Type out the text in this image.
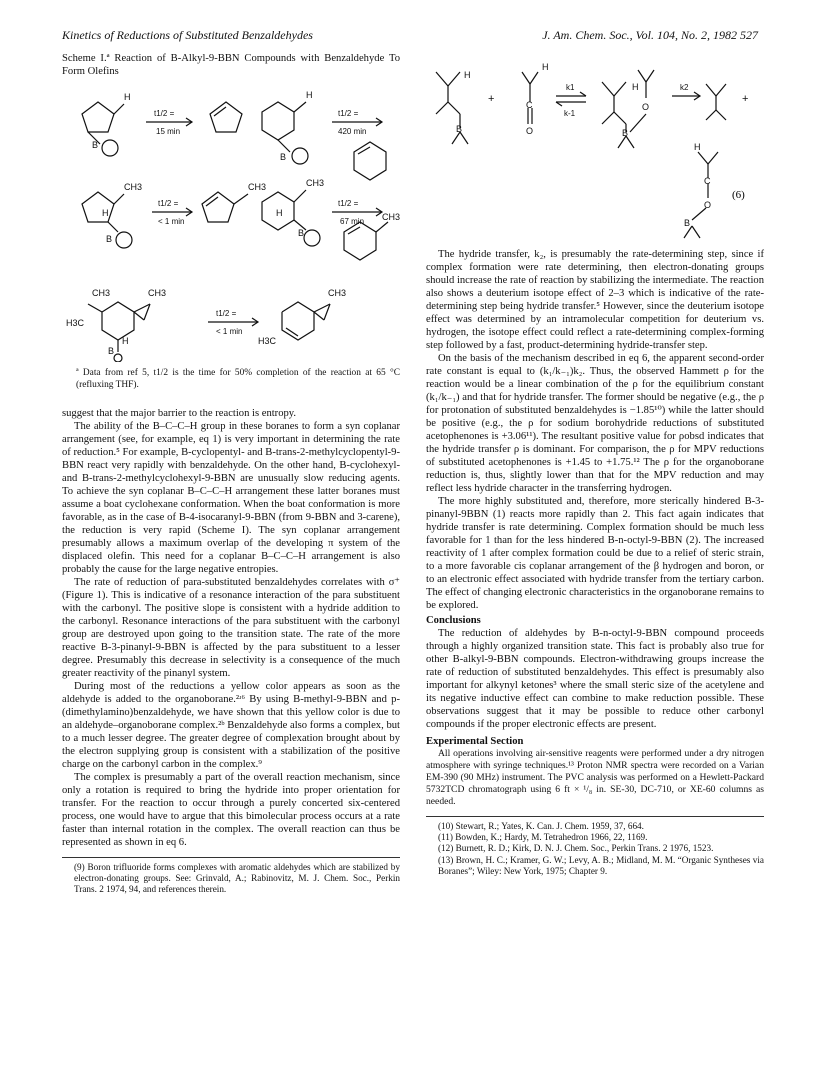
Kinetics of Reductions of Substituted Benzaldehydes	J. Am. Chem. Soc., Vol. 104, No. 2, 1982 527

Scheme I.ª Reaction of B-Alkyl-9-BBN Compounds with Benzaldehyde To Form Olefins

H
B
H
B
CH3
H
B
CH3	CH3
H
B
CH3
CH3
CH3
H3C
H
B
CH3
H3C
t1/2 =
15 min
t1/2 =
420 min
t1/2 =
< 1 min
t1/2 =
67 min
t1/2 =
< 1 min

ª Data from ref 5, t1/2 is the time for 50% completion of the reaction at 65 °C (refluxing THF).

suggest that the major barrier to the reaction is entropy.

The ability of the B–C–C–H group in these boranes to form a syn coplanar arrangement (see, for example, eq 1) is very important in determining the rate of reduction.⁵ For example, B-cyclopentyl- and B-trans-2-methylcyclopentyl-9-BBN react very rapidly with benzaldehyde. On the other hand, B-cyclohexyl- and B-trans-2-methylcyclohexyl-9-BBN are unusually slow reducing agents. To achieve the syn coplanar B–C–C–H arrangement these latter boranes must assume a boat cyclohexane conformation. When the boat conformation is more favorable, as in the case of B-4-isocaranyl-9-BBN (from 9-BBN and 3-carene), the reduction is very rapid (Scheme I). The syn coplanar arrangement presumably allows a maximum overlap of the developing π system of the displaced olefin. This need for a coplanar B–C–C–H arrangement is also probably the cause for the large negative entropies.

The rate of reduction of para-substituted benzaldehydes correlates with σ⁺ (Figure 1). This is indicative of a resonance interaction of the para substituent with the carbonyl. The positive slope is consistent with a hydride addition to the carbonyl. Resonance interactions of the para substituent with the carbonyl group are destroyed upon going to the transition state. The rate of the more reactive B-3-pinanyl-9-BBN is affected by the para substituent to a lesser degree. Presumably this decrease in selectivity is a consequence of the much greater reactivity of the pinanyl system.

During most of the reductions a yellow color appears as soon as the aldehyde is added to the organoborane.²ʴ⁶ By using B-methyl-9-BBN and p-(dimethylamino)benzaldehyde, we have shown that this yellow color is due to an aldehyde–organoborane complex.²ᵇ Benzaldehyde also forms a complex, but to a much lesser degree. The greater degree of complexation brought about by the electron supplying group is consistent with a stabilization of the positive charge on the carbonyl carbon in the complex.⁹

The complex is presumably a part of the overall reaction mechanism, since only a rotation is required to bring the hydride into proper orientation for transfer. For the reaction to occur through a purely concerted six-centered process, one would have to argue that this bimolecular process occurs at a rate faster than internal rotation in the complex. The overall reaction can thus be represented as shown in eq 6.

(9) Boron trifluoride forms complexes with aromatic aldehydes which are stabilized by electron-donating groups. See: Grinvald, A.; Rabinovitz, M. J. Chem. Soc., Perkin Trans. 2 1974, 94, and references therein.

H
H
C
O
B
H
O
B
H
C
O
B
k1
k-1
k2
+	+
(6)

The hydride transfer, k₂, is presumably the rate-determining step, since if complex formation were rate determining, then electron-donating groups should increase the rate of reaction by stabilizing the intermediate. The reaction also shows a deuterium isotope effect of 2–3 which is indicative of the rate-determining step being hydride transfer.⁵ However, since the deuterium isotope effect was determined by an intramolecular competition for deuterium vs. hydrogen, the isotope effect could reflect a rate-determining complex-forming step followed by a fast, product-determining hydride-transfer step.

On the basis of the mechanism described in eq 6, the apparent second-order rate constant is equal to (k₁/k₋₁)k₂. Thus, the observed Hammett ρ for the reaction would be a linear combination of the ρ for the equilibrium constant (k₁/k₋₁) and that for hydride transfer. The former should be negative (e.g., the ρ for protonation of substituted benzaldehydes is −1.85¹⁰) while the latter should be positive (e.g., the ρ for sodium borohydride reductions of substituted acetophenones is +3.06¹¹). The resultant positive value for ρobsd indicates that the hydride transfer ρ is dominant. For comparison, the ρ for MPV reductions of substituted acetophenones is +1.45 to +1.75.¹² The ρ for the organoborane reduction is, thus, slightly lower than that for the MPV reduction and may reflect less hydride character in the transferring hydrogen.

The more highly substituted and, therefore, more sterically hindered B-3-pinanyl-9BBN (1) reacts more rapidly than 2. This fact again indicates that hydride transfer is rate determining. Complex formation should be much less favorable for 1 than for the less hindered B-n-octyl-9-BBN (2). The increased reactivity of 1 after complex formation could be due to a relief of steric strain, to a more favorable cis coplanar arrangement of the β hydrogen and boron, or to an electronic effect associated with hydride transfer from the tertiary carbon. The effect of changing electronic characteristics in the organoborane remains to be explored.

Conclusions

The reduction of aldehydes by B-n-octyl-9-BBN compound proceeds through a highly organized transition state. This fact is probably also true for other B-alkyl-9-BBN compounds. Electron-withdrawing groups increase the rate of reduction of substituted benzaldehydes. This effect is presumably also important for alkynyl ketones³ where the small steric size of the acetylene and its negative inductive effect can combine to make reduction possible. These observations suggest that it may be possible to reduce other carbonyl compounds if the proper electronic effects are present.

Experimental Section

All operations involving air-sensitive reagents were performed under a dry nitrogen atmosphere with syringe techniques.¹³ Proton NMR spectra were recorded on a Varian EM-390 (90 MHz) instrument. The PVC analysis was performed on a Hewlett-Packard 5732TCD chromatograph using 6 ft × ¹/₈ in. SE-30, DC-710, or XE-60 columns as needed.

(10) Stewart, R.; Yates, K. Can. J. Chem. 1959, 37, 664.

(11) Bowden, K.; Hardy, M. Tetrahedron 1966, 22, 1169.

(12) Burnett, R. D.; Kirk, D. N. J. Chem. Soc., Perkin Trans. 2 1976, 1523.

(13) Brown, H. C.; Kramer, G. W.; Levy, A. B.; Midland, M. M. “Organic Syntheses via Boranes”; Wiley: New York, 1975; Chapter 9.
